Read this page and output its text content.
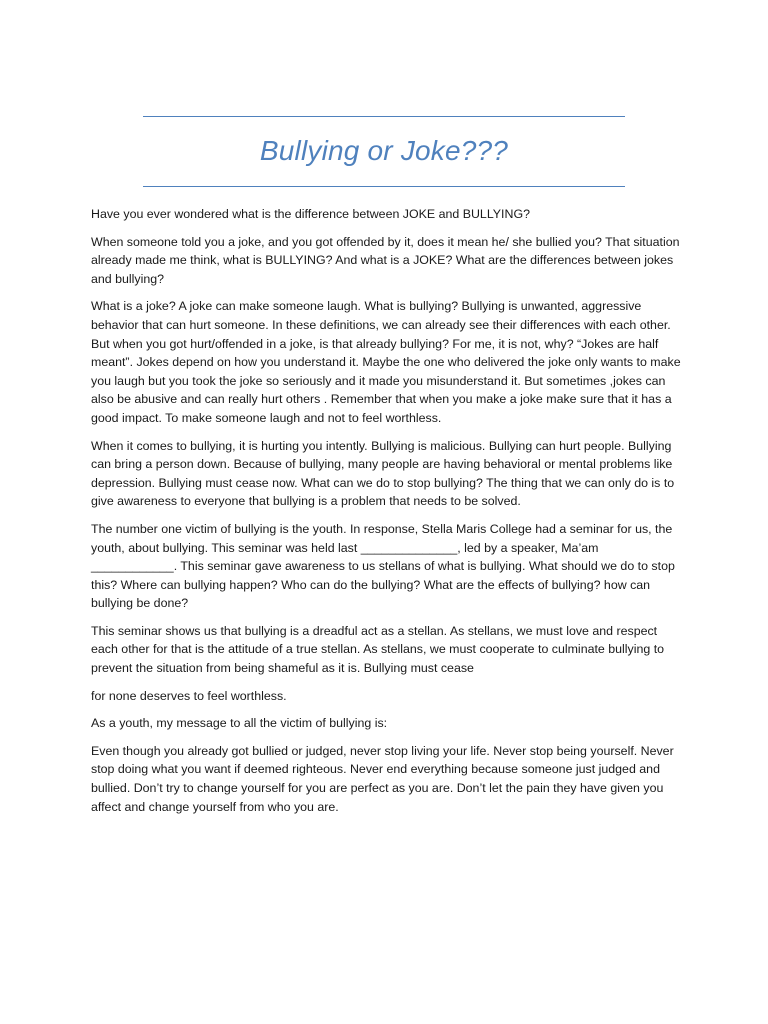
Bullying or Joke???

Have you ever wondered what is the difference between JOKE and BULLYING?

When someone told you a joke, and you got offended by it, does it mean he/ she bullied you? That situation already made me think, what is BULLYING? And what is a JOKE? What are the differences between jokes and bullying?

What is a joke? A joke can make someone laugh. What is bullying? Bullying is unwanted, aggressive behavior that can hurt someone. In these definitions, we can already see their differences with each other. But when you got hurt/offended in a joke, is that already bullying? For me, it is not, why? “Jokes are half meant”. Jokes depend on how you understand it. Maybe the one who delivered the joke only wants to make you laugh but you took the joke so seriously and it made you misunderstand it. But sometimes ,jokes can also be abusive and can really hurt others . Remember that when you make a joke make sure that it has a good impact. To make someone laugh and not to feel worthless.

When it comes to bullying, it is hurting you intently. Bullying is malicious. Bullying can hurt people. Bullying can bring a person down. Because of bullying, many people are having behavioral or mental problems like depression. Bullying must cease now. What can we do to stop bullying? The thing that we can only do is to give awareness to everyone that bullying is a problem that needs to be solved.

The number one victim of bullying is the youth. In response, Stella Maris College had a seminar for us, the youth, about bullying. This seminar was held last ______________, led by a speaker, Ma’am ____________. This seminar gave awareness to us stellans of what is bullying. What should we do to stop this? Where can bullying happen? Who can do the bullying? What are the effects of bullying? how can bullying be done?

This seminar shows us that bullying is a dreadful act as a stellan. As stellans, we must love and respect each other for that is the attitude of a true stellan. As stellans, we must cooperate to culminate bullying to prevent the situation from being shameful as it is. Bullying must cease

for none deserves to feel worthless.

As a youth, my message to all the victim of bullying is:

Even though you already got bullied or judged, never stop living your life. Never stop being yourself. Never stop doing what you want if deemed righteous. Never end everything because someone just judged and bullied. Don’t try to change yourself for you are perfect as you are. Don’t let the pain they have given you affect and change yourself from who you are.
